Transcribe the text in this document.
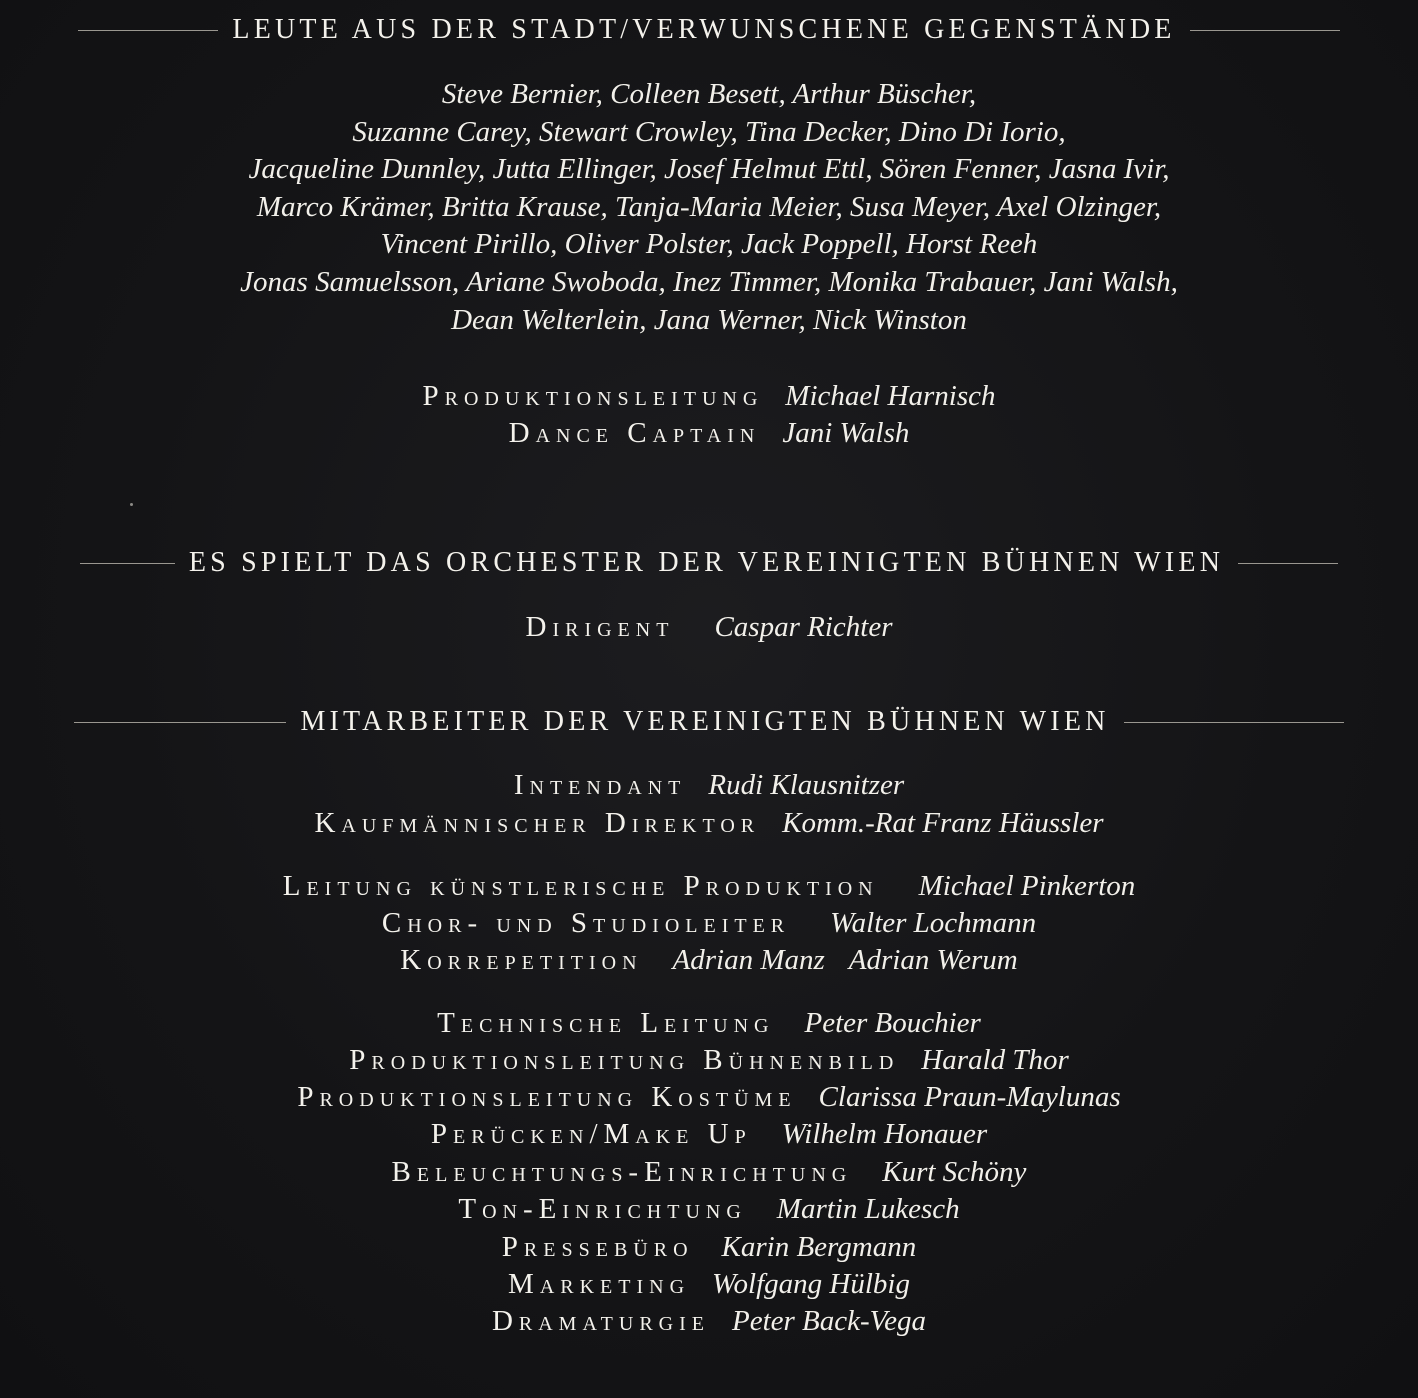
LEUTE AUS DER STADT/VERWUNSCHENE GEGENSTÄNDE
Steve Bernier, Colleen Besett, Arthur Büscher,
Suzanne Carey, Stewart Crowley, Tina Decker, Dino Di Iorio,
Jacqueline Dunnley, Jutta Ellinger, Josef Helmut Ettl, Sören Fenner, Jasna Ivir,
Marco Krämer, Britta Krause, Tanja-Maria Meier, Susa Meyer, Axel Olzinger,
Vincent Pirillo, Oliver Polster, Jack Poppell, Horst Reeh
Jonas Samuelsson, Ariane Swoboda, Inez Timmer, Monika Trabauer, Jani Walsh,
Dean Welterlein, Jana Werner, Nick Winston
Produktionsleitung Michael Harnisch
Dance Captain Jani Walsh
ES SPIELT DAS ORCHESTER DER VEREINIGTEN BÜHNEN WIEN
Dirigent Caspar Richter
MITARBEITER DER VEREINIGTEN BÜHNEN WIEN
Intendant Rudi Klausnitzer
Kaufmännischer Direktor Komm.-Rat Franz Häussler
Leitung künstlerische Produktion Michael Pinkerton
Chor- und Studioleiter Walter Lochmann
Korrepetition Adrian Manz Adrian Werum
Technische Leitung Peter Bouchier
Produktionsleitung Bühnenbild Harald Thor
Produktionsleitung Kostüme Clarissa Praun-Maylunas
Perücken/Make Up Wilhelm Honauer
Beleuchtungs-Einrichtung Kurt Schöny
Ton-Einrichtung Martin Lukesch
Pressebüro Karin Bergmann
Marketing Wolfgang Hülbig
Dramaturgie Peter Back-Vega
